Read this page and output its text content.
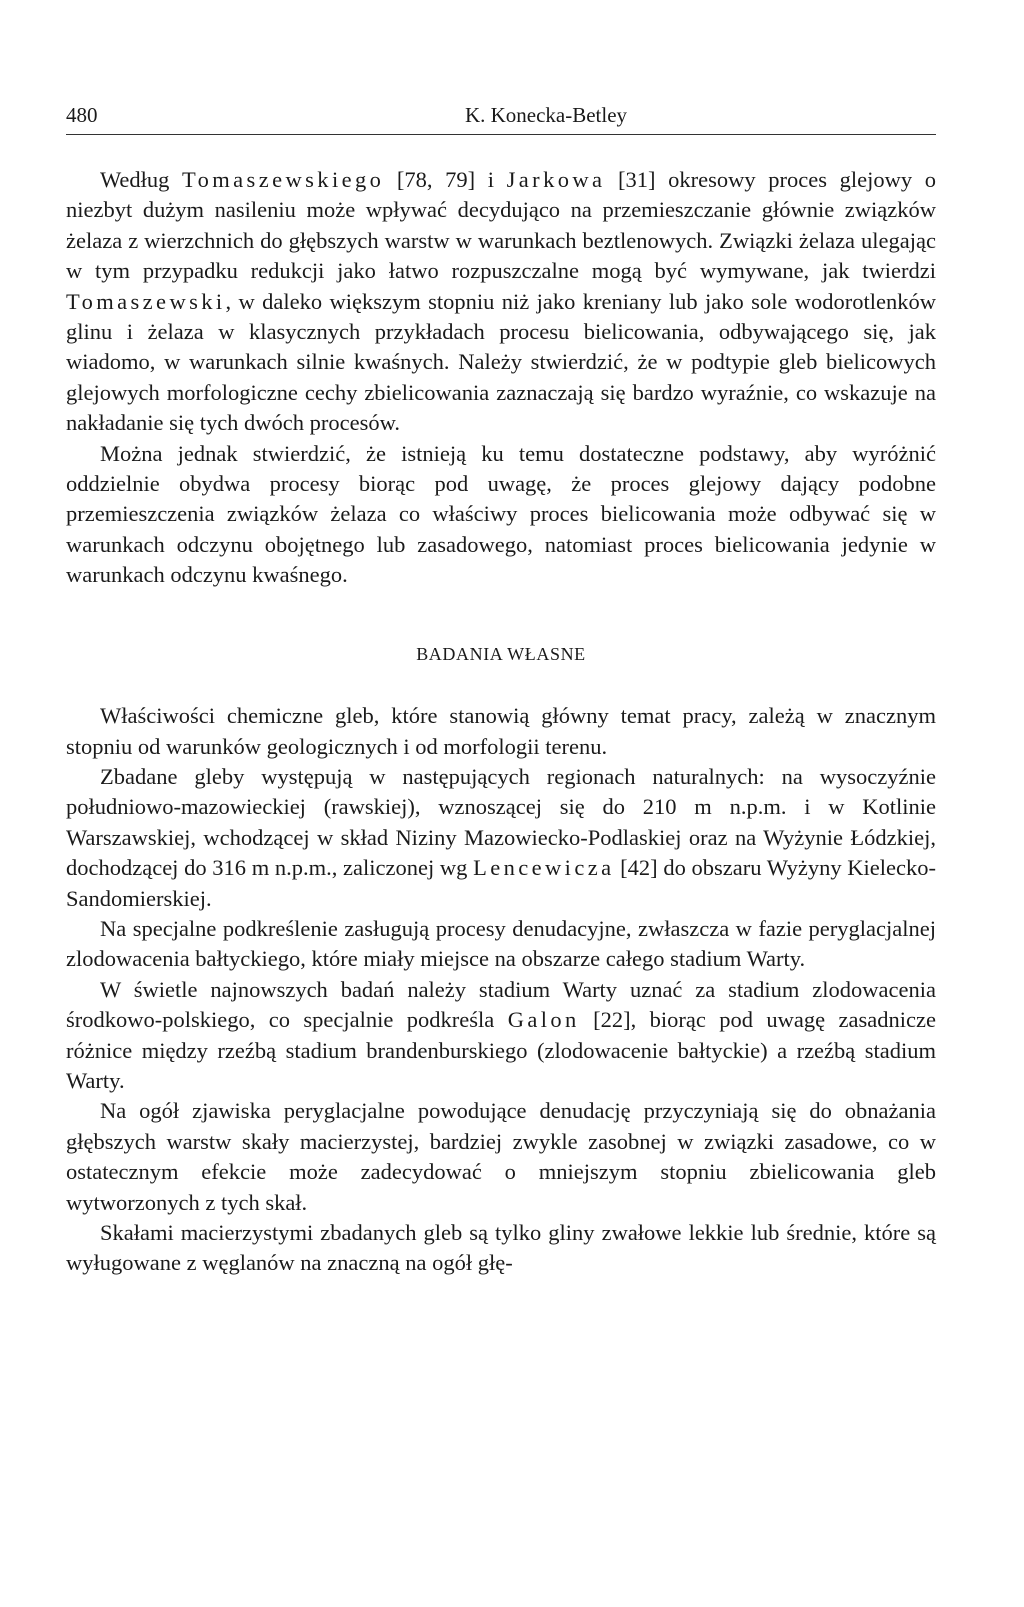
480	K. Konecka-Betley

Według Tomaszewskiego [78, 79] i Jarkowa [31] okresowy proces glejowy o niezbyt dużym nasileniu może wpływać decydująco na przemieszczanie głównie związków żelaza z wierzchnich do głębszych warstw w warunkach beztlenowych. Związki żelaza ulegając w tym przypadku redukcji jako łatwo rozpuszczalne mogą być wymywane, jak twierdzi Tomaszewski, w daleko większym stopniu niż jako kreniany lub jako sole wodorotlenków glinu i żelaza w klasycznych przykładach procesu bielicowania, odbywającego się, jak wiadomo, w warunkach silnie kwaśnych. Należy stwierdzić, że w podtypie gleb bielicowych glejowych morfologiczne cechy zbielicowania zaznaczają się bardzo wyraźnie, co wskazuje na nakładanie się tych dwóch procesów.

Można jednak stwierdzić, że istnieją ku temu dostateczne podstawy, aby wyróżnić oddzielnie obydwa procesy biorąc pod uwagę, że proces glejowy dający podobne przemieszczenia związków żelaza co właściwy proces bielicowania może odbywać się w warunkach odczynu obojętnego lub zasadowego, natomiast proces bielicowania jedynie w warunkach odczynu kwaśnego.

BADANIA WŁASNE

Właściwości chemiczne gleb, które stanowią główny temat pracy, zależą w znacznym stopniu od warunków geologicznych i od morfologii terenu.

Zbadane gleby występują w następujących regionach naturalnych: na wysoczyźnie południowo-mazowieckiej (rawskiej), wznoszącej się do 210 m n.p.m. i w Kotlinie Warszawskiej, wchodzącej w skład Niziny Mazowiecko-Podlaskiej oraz na Wyżynie Łódzkiej, dochodzącej do 316 m n.p.m., zaliczonej wg Lencewicza [42] do obszaru Wyżyny Kielecko-Sandomierskiej.

Na specjalne podkreślenie zasługują procesy denudacyjne, zwłaszcza w fazie peryglacjalnej zlodowacenia bałtyckiego, które miały miejsce na obszarze całego stadium Warty.

W świetle najnowszych badań należy stadium Warty uznać za stadium zlodowacenia środkowo-polskiego, co specjalnie podkreśla Galon [22], biorąc pod uwagę zasadnicze różnice między rzeźbą stadium brandenburskiego (zlodowacenie bałtyckie) a rzeźbą stadium Warty.

Na ogół zjawiska peryglacjalne powodujące denudację przyczyniają się do obnażania głębszych warstw skały macierzystej, bardziej zwykle zasobnej w związki zasadowe, co w ostatecznym efekcie może zadecydować o mniejszym stopniu zbielicowania gleb wytworzonych z tych skał.

Skałami macierzystymi zbadanych gleb są tylko gliny zwałowe lekkie lub średnie, które są wyługowane z węglanów na znaczną na ogół głę-
